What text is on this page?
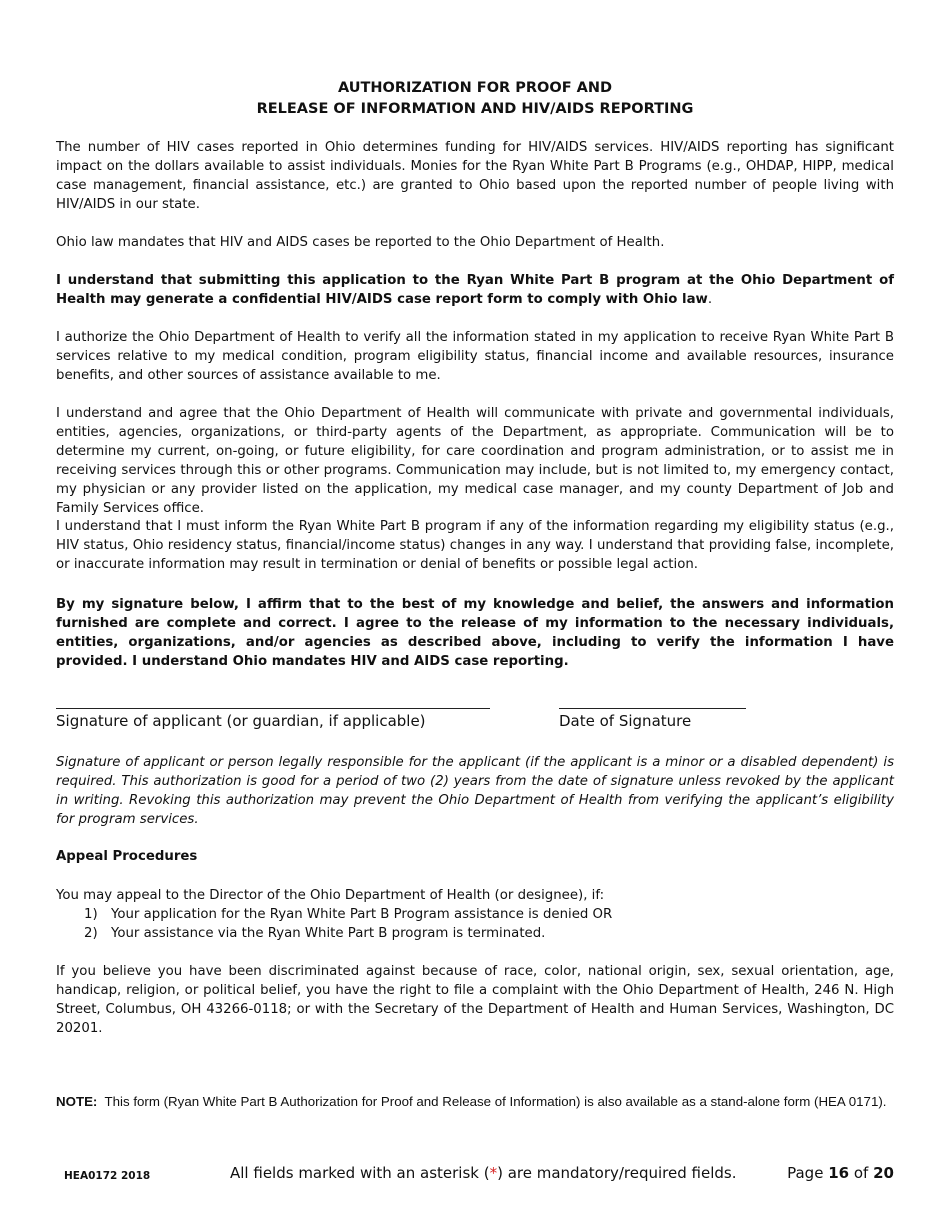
AUTHORIZATION FOR PROOF AND
RELEASE OF INFORMATION AND HIV/AIDS REPORTING

The number of HIV cases reported in Ohio determines funding for HIV/AIDS services. HIV/AIDS reporting has significant impact on the dollars available to assist individuals. Monies for the Ryan White Part B Programs (e.g., OHDAP, HIPP, medical case management, financial assistance, etc.) are granted to Ohio based upon the reported number of people living with HIV/AIDS in our state.

Ohio law mandates that HIV and AIDS cases be reported to the Ohio Department of Health.

I understand that submitting this application to the Ryan White Part B program at the Ohio Department of Health may generate a confidential HIV/AIDS case report form to comply with Ohio law.

I authorize the Ohio Department of Health to verify all the information stated in my application to receive Ryan White Part B services relative to my medical condition, program eligibility status, financial income and available resources, insurance benefits, and other sources of assistance available to me.

I understand and agree that the Ohio Department of Health will communicate with private and governmental individuals, entities, agencies, organizations, or third-party agents of the Department, as appropriate. Communication will be to determine my current, on-going, or future eligibility, for care coordination and program administration, or to assist me in receiving services through this or other programs. Communication may include, but is not limited to, my emergency contact, my physician or any provider listed on the application, my medical case manager, and my county Department of Job and Family Services office.

I understand that I must inform the Ryan White Part B program if any of the information regarding my eligibility status (e.g., HIV status, Ohio residency status, financial/income status) changes in any way. I understand that providing false, incomplete, or inaccurate information may result in termination or denial of benefits or possible legal action.

By my signature below, I affirm that to the best of my knowledge and belief, the answers and information furnished are complete and correct. I agree to the release of my information to the necessary individuals, entities, organizations, and/or agencies as described above, including to verify the information I have provided. I understand Ohio mandates HIV and AIDS case reporting.

Signature of applicant (or guardian, if applicable)	Date of Signature

Signature of applicant or person legally responsible for the applicant (if the applicant is a minor or a disabled dependent) is required. This authorization is good for a period of two (2) years from the date of signature unless revoked by the applicant in writing. Revoking this authorization may prevent the Ohio Department of Health from verifying the applicant’s eligibility for program services.

Appeal Procedures

You may appeal to the Director of the Ohio Department of Health (or designee), if:

1) Your application for the Ryan White Part B Program assistance is denied OR
2) Your assistance via the Ryan White Part B program is terminated.

If you believe you have been discriminated against because of race, color, national origin, sex, sexual orientation, age, handicap, religion, or political belief, you have the right to file a complaint with the Ohio Department of Health, 246 N. High Street, Columbus, OH 43266-0118; or with the Secretary of the Department of Health and Human Services, Washington, DC 20201.

NOTE: This form (Ryan White Part B Authorization for Proof and Release of Information) is also available as a stand-alone form (HEA 0171).
HEA0172 2018	All fields marked with an asterisk (*) are mandatory/required fields.	Page 16 of 20
